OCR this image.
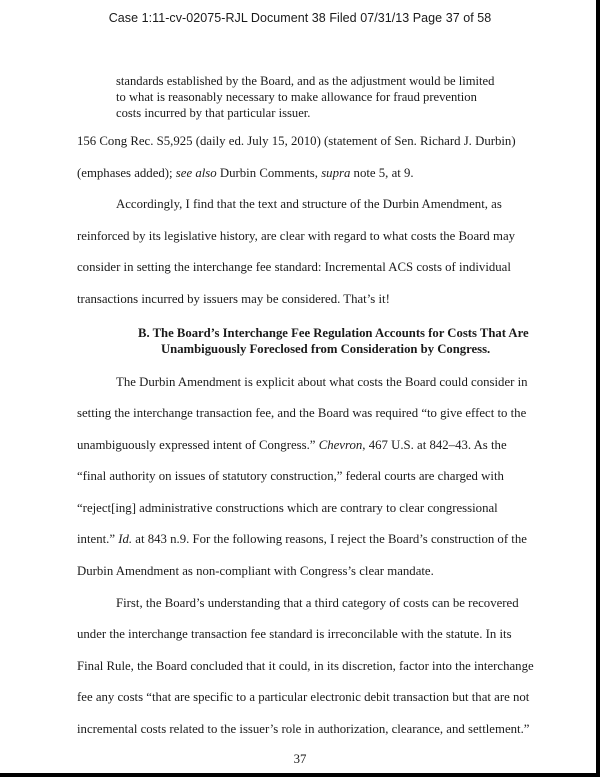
Case 1:11-cv-02075-RJL Document 38 Filed 07/31/13 Page 37 of 58
standards established by the Board, and as the adjustment would be limited
to what is reasonably necessary to make allowance for fraud prevention
costs incurred by that particular issuer.
156 Cong Rec. S5,925 (daily ed. July 15, 2010) (statement of Sen. Richard J. Durbin)
(emphases added); see also Durbin Comments, supra note 5, at 9.
Accordingly, I find that the text and structure of the Durbin Amendment, as
reinforced by its legislative history, are clear with regard to what costs the Board may
consider in setting the interchange fee standard: Incremental ACS costs of individual
transactions incurred by issuers may be considered. That’s it!
B. The Board’s Interchange Fee Regulation Accounts for Costs That Are
Unambiguously Foreclosed from Consideration by Congress.
The Durbin Amendment is explicit about what costs the Board could consider in
setting the interchange transaction fee, and the Board was required “to give effect to the
unambiguously expressed intent of Congress.” Chevron, 467 U.S. at 842–43. As the
“final authority on issues of statutory construction,” federal courts are charged with
“reject[ing] administrative constructions which are contrary to clear congressional
intent.” Id. at 843 n.9. For the following reasons, I reject the Board’s construction of the
Durbin Amendment as non-compliant with Congress’s clear mandate.
First, the Board’s understanding that a third category of costs can be recovered
under the interchange transaction fee standard is irreconcilable with the statute. In its
Final Rule, the Board concluded that it could, in its discretion, factor into the interchange
fee any costs “that are specific to a particular electronic debit transaction but that are not
incremental costs related to the issuer’s role in authorization, clearance, and settlement.”
37
